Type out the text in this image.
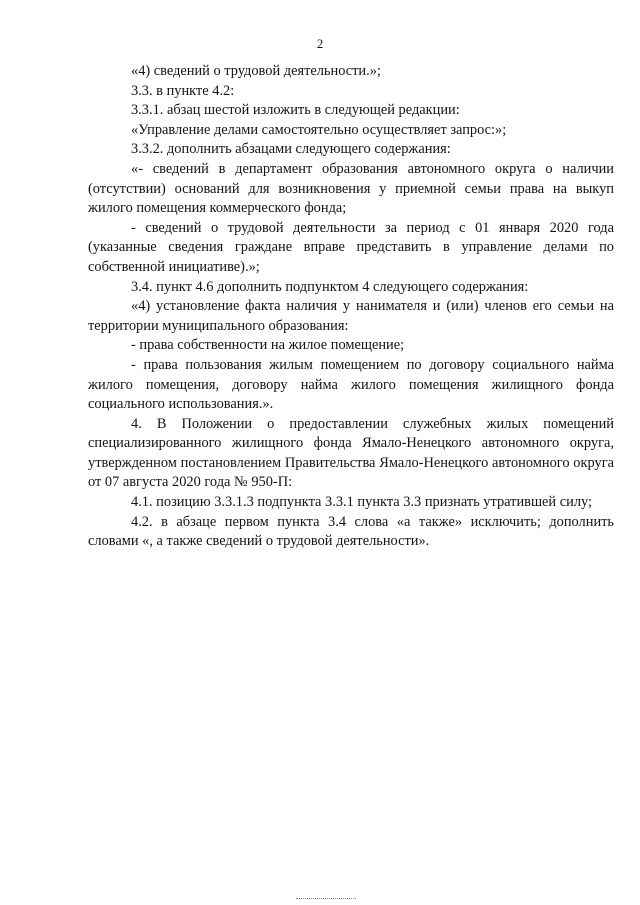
2

«4) сведений о трудовой деятельности.»;

3.3. в пункте 4.2:

3.3.1. абзац шестой изложить в следующей редакции:

«Управление делами самостоятельно осуществляет запрос:»;

3.3.2. дополнить абзацами следующего содержания:

«- сведений в департамент образования автономного округа о наличии (отсутствии) оснований для возникновения у приемной семьи права на выкуп жилого помещения коммерческого фонда;

- сведений о трудовой деятельности за период с 01 января 2020 года (указанные сведения граждане вправе представить в управление делами по собственной инициативе).»;

3.4. пункт 4.6 дополнить подпунктом 4 следующего содержания:

«4) установление факта наличия у нанимателя и (или) членов его семьи на территории муниципального образования:

- права собственности на жилое помещение;

- права пользования жилым помещением по договору социального найма жилого помещения, договору найма жилого помещения жилищного фонда социального использования.».

4. В Положении о предоставлении служебных жилых помещений специализированного жилищного фонда Ямало-Ненецкого автономного округа, утвержденном постановлением Правительства Ямало-Ненецкого автономного округа от 07 августа 2020 года № 950-П:

4.1. позицию 3.3.1.3 подпункта 3.3.1 пункта 3.3 признать утратившей силу;

4.2. в абзаце первом пункта 3.4 слова «а также» исключить; дополнить словами «, а также сведений о трудовой деятельности».
